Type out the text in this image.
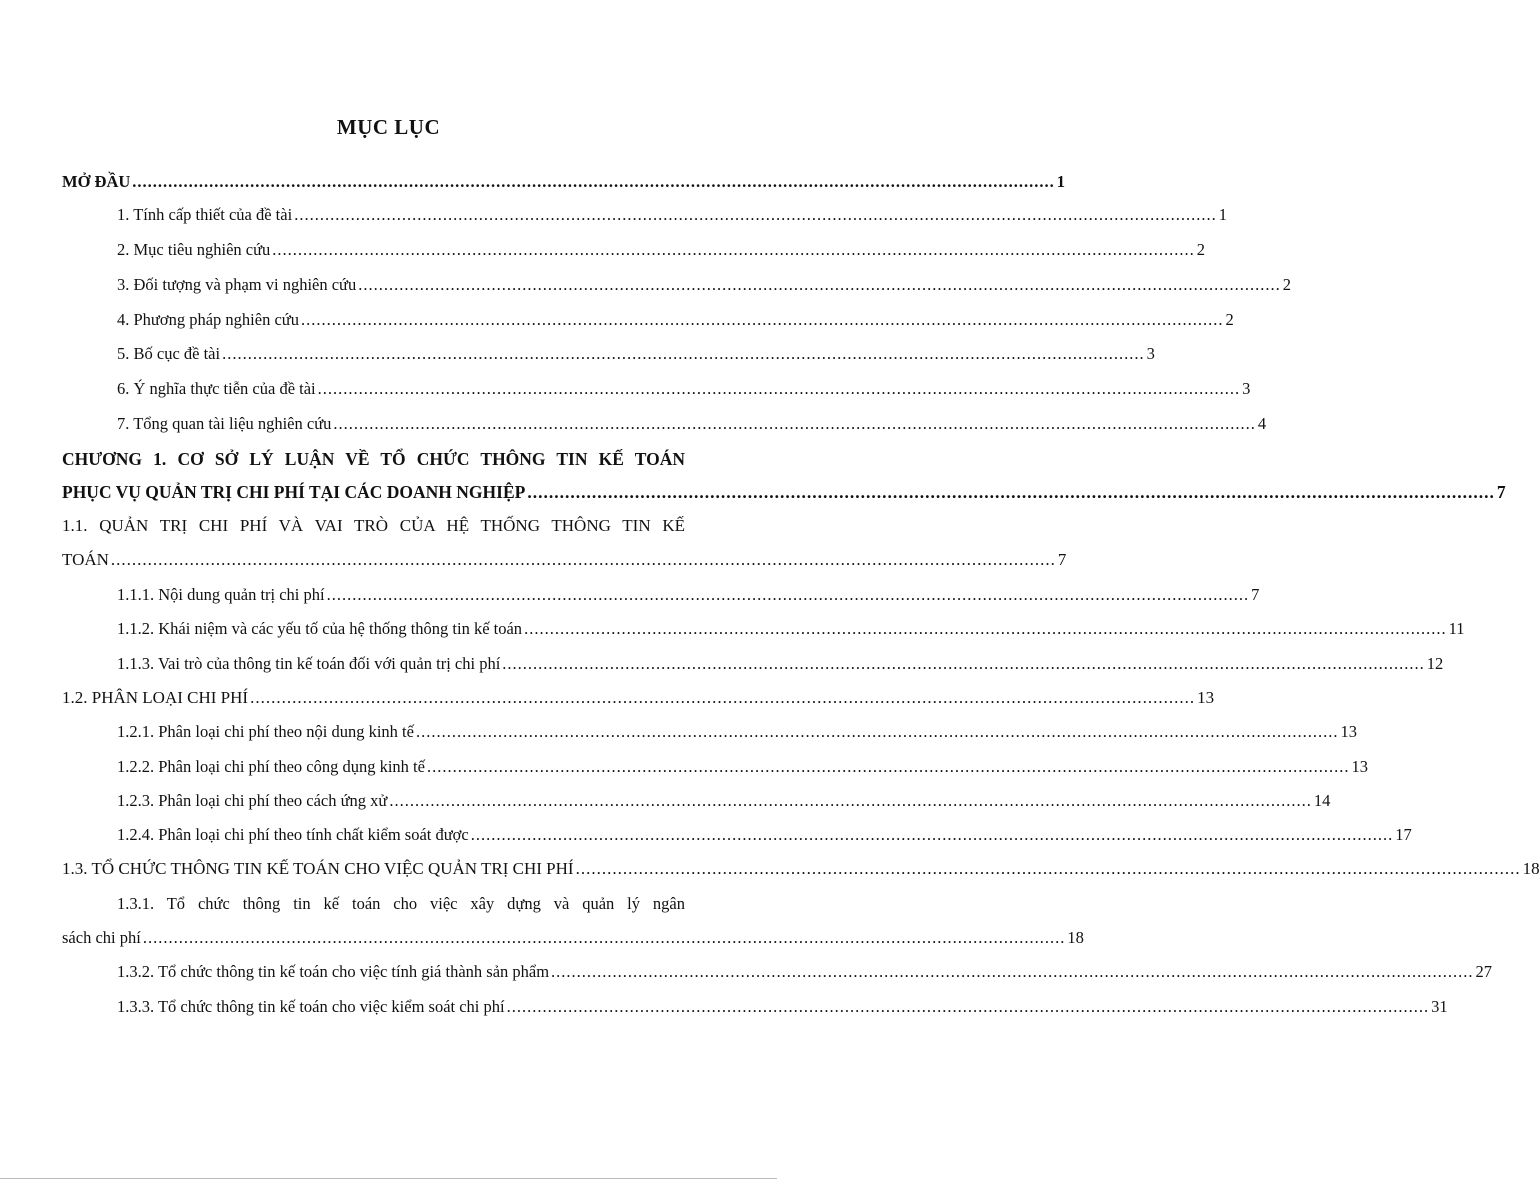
MỤC LỤC
MỞ ĐẦU .................................................................................................................................................................................... 1
1. Tính cấp thiết của đề tài .................................................................................................................................................................................... 1
2. Mục tiêu nghiên cứu .................................................................................................................................................................................... 2
3. Đối tượng và phạm vi nghiên cứu .................................................................................................................................................................................... 2
4. Phương pháp nghiên cứu .................................................................................................................................................................................... 2
5. Bố cục đề tài .................................................................................................................................................................................... 3
6. Ý nghĩa thực tiễn của đề tài .................................................................................................................................................................................... 3
7. Tổng quan tài liệu nghiên cứu .................................................................................................................................................................................... 4
CHƯƠNG 1. CƠ SỞ LÝ LUẬN VỀ TỔ CHỨC THÔNG TIN KẾ TOÁN
PHỤC VỤ QUẢN TRỊ CHI PHÍ TẠI CÁC DOANH NGHIỆP .................................................................................................................................................................................... 7
1.1. QUẢN TRỊ CHI PHÍ VÀ VAI TRÒ CỦA HỆ THỐNG THÔNG TIN KẾ
TOÁN .................................................................................................................................................................................... 7
1.1.1. Nội dung quản trị chi phí .................................................................................................................................................................................... 7
1.1.2. Khái niệm và các yếu tố của hệ thống thông tin kế toán .................................................................................................................................................................................... 11
1.1.3. Vai trò của thông tin kế toán đối với quản trị chi phí .................................................................................................................................................................................... 12
1.2. PHÂN LOẠI CHI PHÍ .................................................................................................................................................................................... 13
1.2.1. Phân loại chi phí theo nội dung kinh tế .................................................................................................................................................................................... 13
1.2.2. Phân loại chi phí theo công dụng kinh tế .................................................................................................................................................................................... 13
1.2.3. Phân loại chi phí theo cách ứng xử .................................................................................................................................................................................... 14
1.2.4. Phân loại chi phí theo tính chất kiểm soát được .................................................................................................................................................................................... 17
1.3. TỔ CHỨC THÔNG TIN KẾ TOÁN CHO VIỆC QUẢN TRỊ CHI PHÍ .................................................................................................................................................................................... 18
1.3.1. Tổ chức thông tin kế toán cho việc xây dựng và quản lý ngân
sách chi phí .................................................................................................................................................................................... 18
1.3.2. Tổ chức thông tin kế toán cho việc tính giá thành sản phẩm .................................................................................................................................................................................... 27
1.3.3. Tổ chức thông tin kế toán cho việc kiểm soát chi phí .................................................................................................................................................................................... 31
